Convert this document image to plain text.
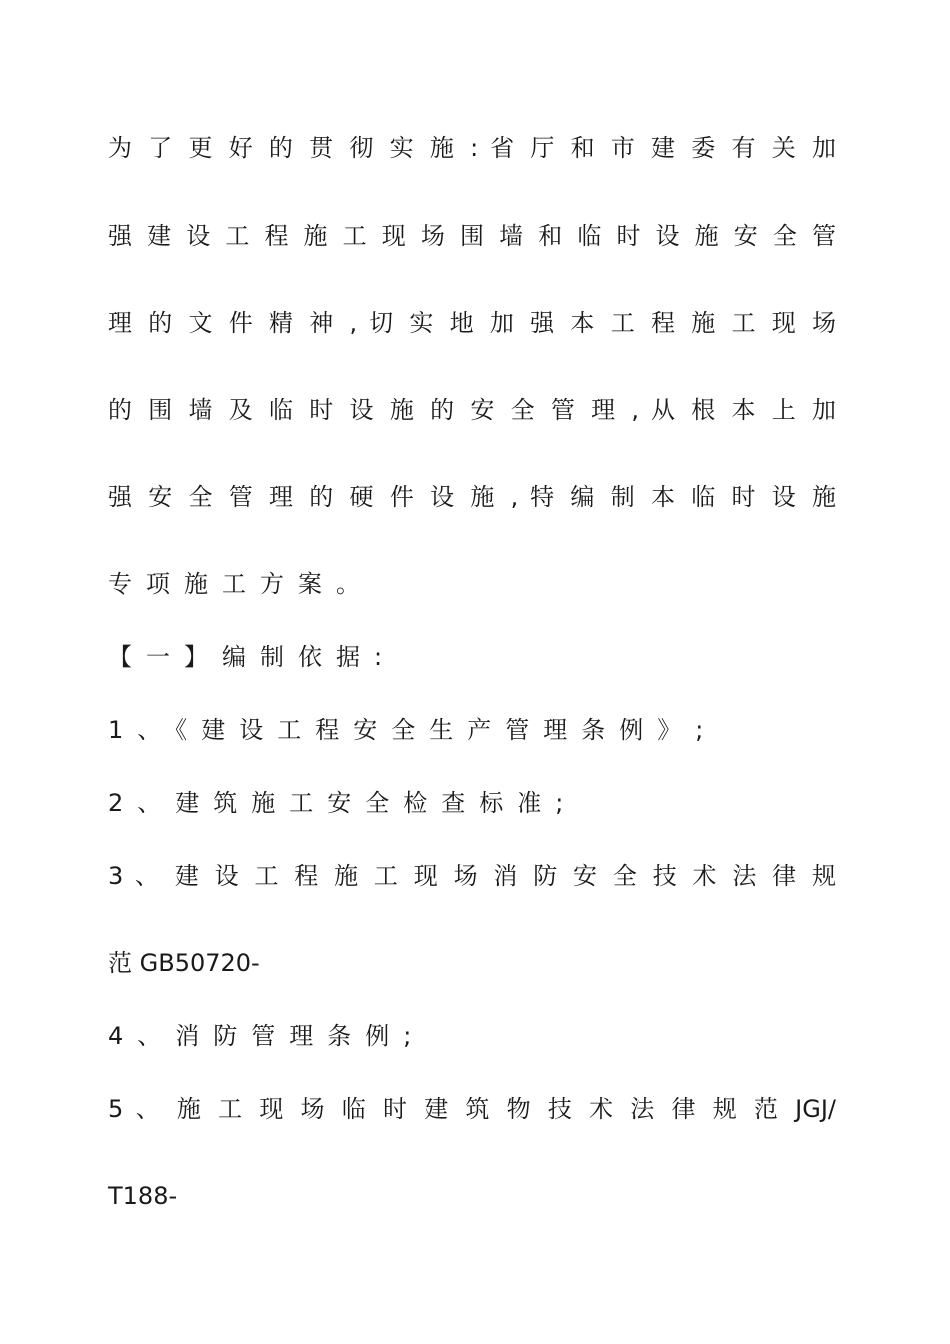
为 了 更 好 的 贯 彻 实 施 : 省 厅 和 市 建 委 有 关 加
强 建 设 工 程 施 工 现 场 围 墙 和 临 时 设 施 安 全 管
理 的 文 件 精 神 , 切 实 地 加 强 本 工 程 施 工 现 场
的 围 墙 及 临 时 设 施 的 安 全 管 理 , 从 根 本 上 加
强 安 全 管 理 的 硬 件 设 施 , 特 编 制 本 临 时 设 施
专项施工方案。
【一】编制依据:
1、《建设工程安全生产管理条例》;
2、建筑施工安全检查标准;
3 、 建 设 工 程 施 工 现 场 消 防 安 全 技 术 法 律 规
范 GB50720-
4、消防管理条例;
5 、 施 工 现 场 临 时 建 筑 物 技 术 法 律 规 范 JGJ/
T188-
